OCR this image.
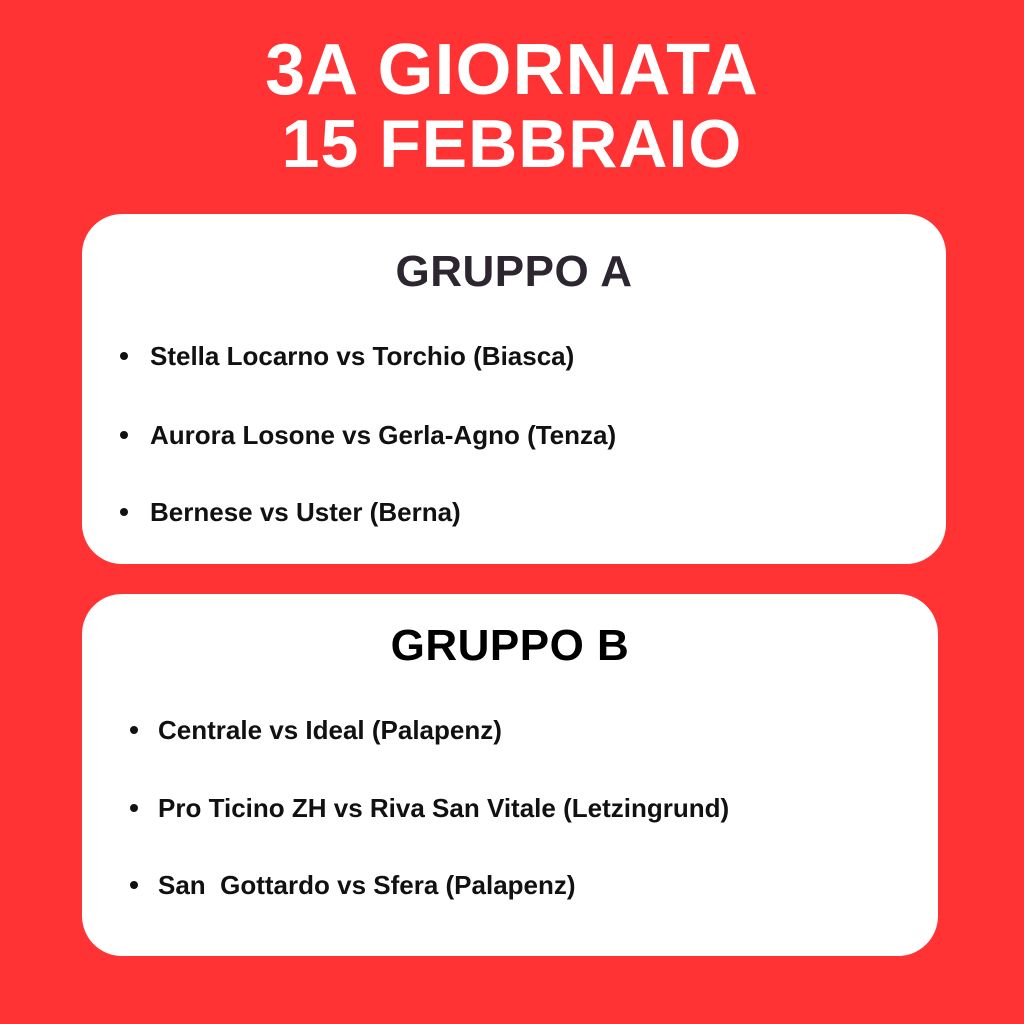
3A GIORNATA
15 FEBBRAIO
GRUPPO A
Stella Locarno vs Torchio (Biasca)
Aurora Losone vs Gerla-Agno (Tenza)
Bernese vs Uster (Berna)
GRUPPO B
Centrale vs Ideal (Palapenz)
Pro Ticino ZH vs Riva San Vitale (Letzingrund)
San  Gottardo vs Sfera (Palapenz)
